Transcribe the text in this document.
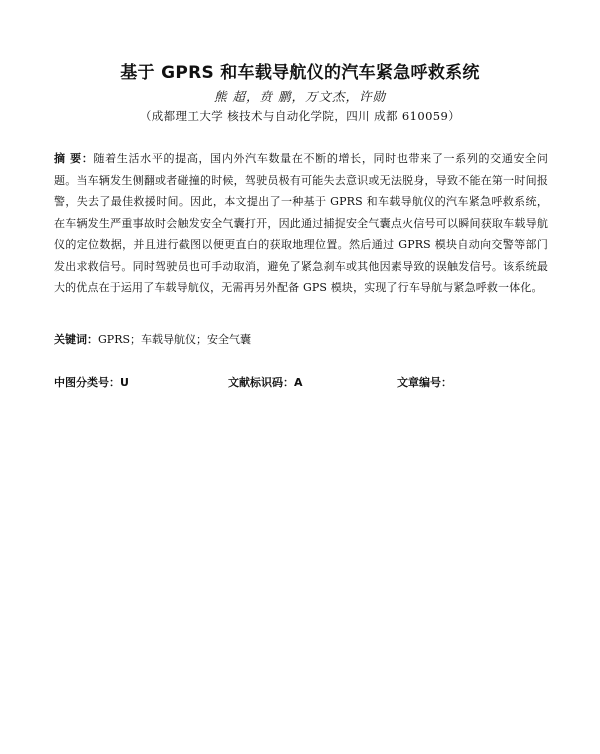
基于 GPRS 和车载导航仪的汽车紧急呼救系统
熊 超，贲 鹏，万文杰，许勋
（成都理工大学 核技术与自动化学院，四川 成都 610059）
摘 要：随着生活水平的提高，国内外汽车数量在不断的增长，同时也带来了一系列的交通安全问题。当车辆发生侧翻或者碰撞的时候，驾驶员极有可能失去意识或无法脱身，导致不能在第一时间报警，失去了最佳救援时间。因此，本文提出了一种基于 GPRS 和车载导航仪的汽车紧急呼救系统，在车辆发生严重事故时会触发安全气囊打开，因此通过捕捉安全气囊点火信号可以瞬间获取车载导航仪的定位数据，并且进行截图以便更直白的获取地理位置。然后通过 GPRS 模块自动向交警等部门发出求救信号。同时驾驶员也可手动取消，避免了紧急刹车或其他因素导致的误触发信号。该系统最大的优点在于运用了车载导航仪，无需再另外配备 GPS 模块，实现了行车导航与紧急呼救一体化。
关键词：GPRS；车载导航仪；安全气囊
中图分类号：U	文献标识码：A	文章编号：
